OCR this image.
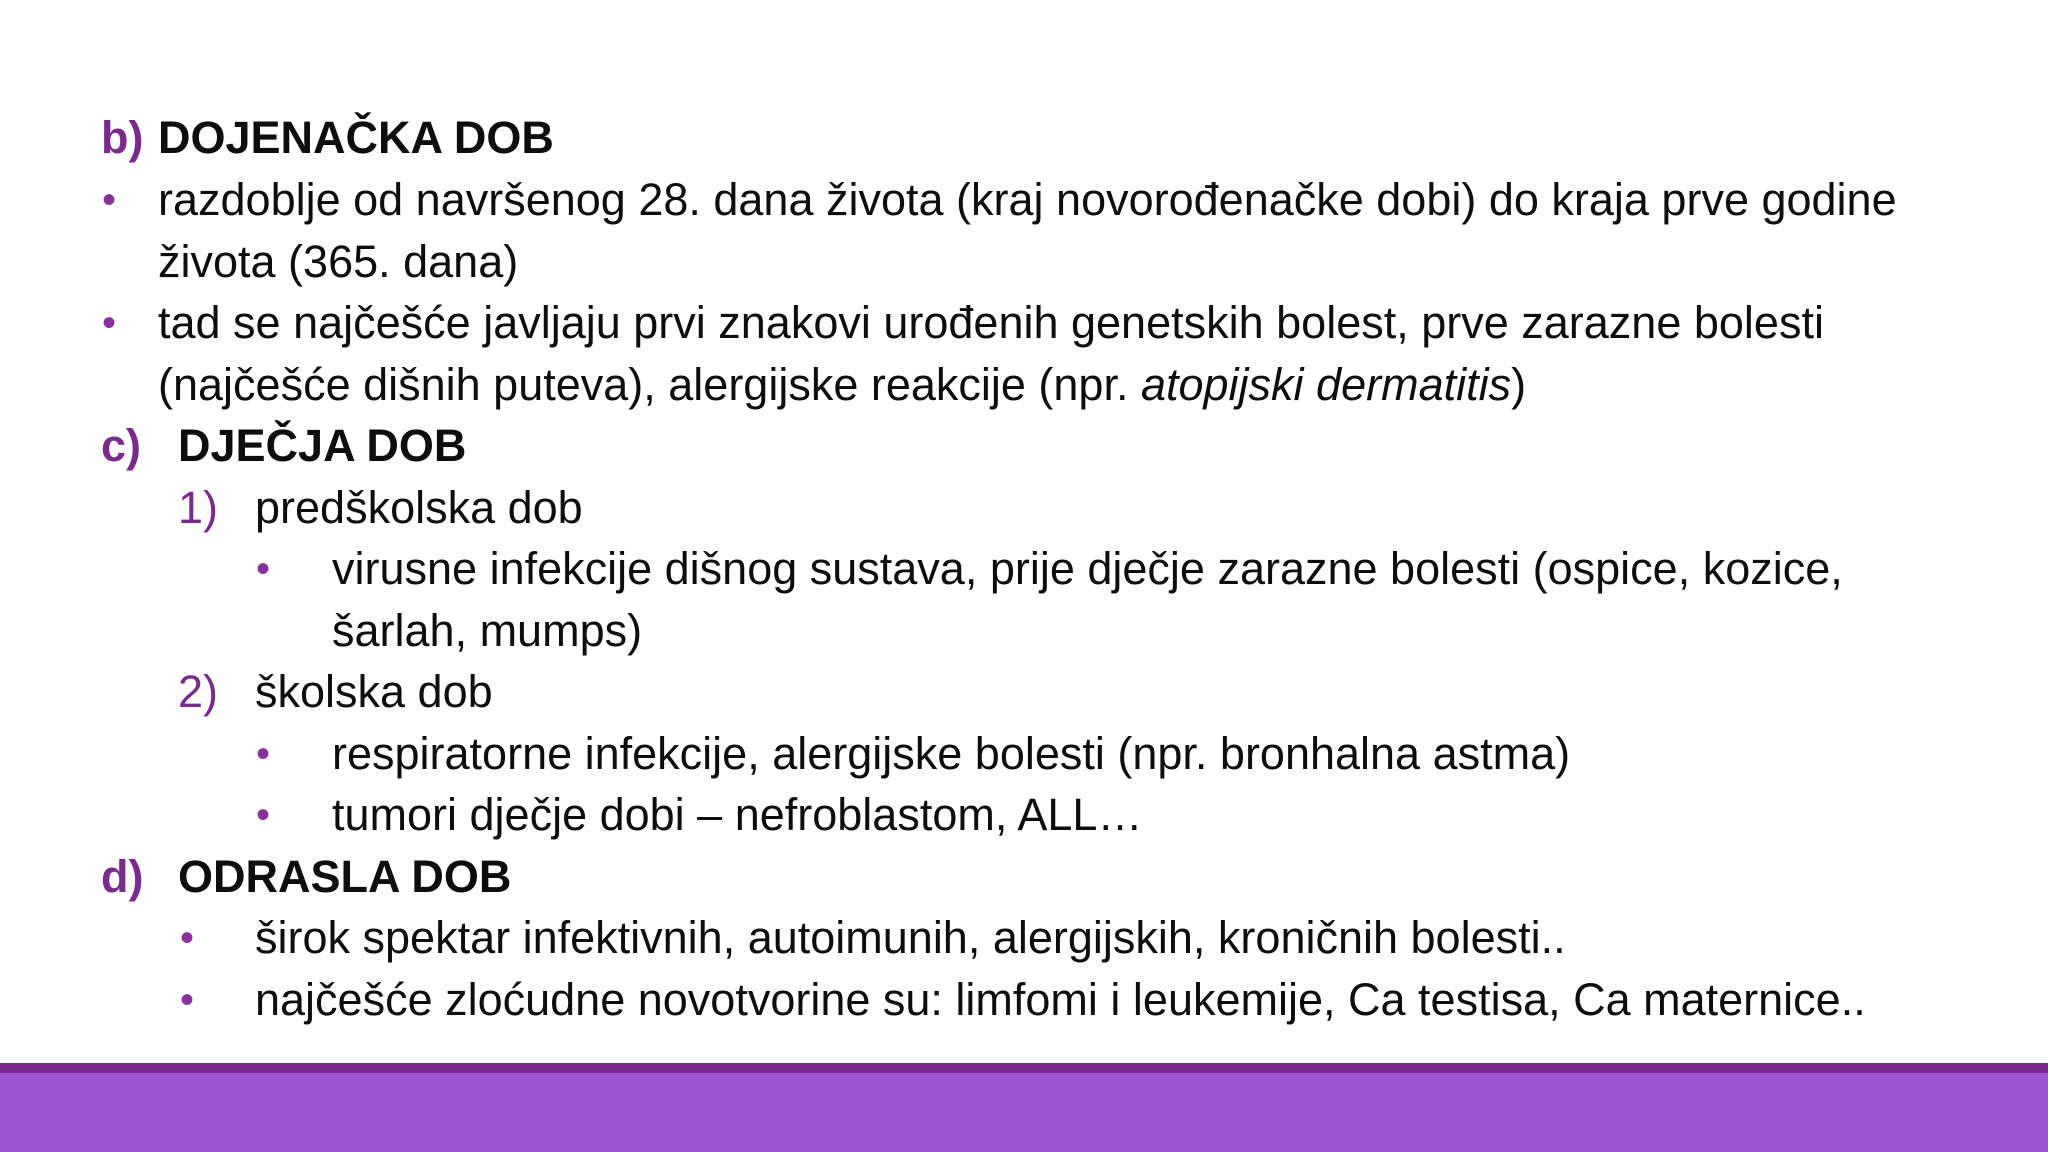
b) DOJENAČKA DOB
• razdoblje od navršenog 28. dana života (kraj novorođenačke dobi) do kraja prve godine
života (365. dana)
• tad se najčešće javljaju prvi znakovi urođenih genetskih bolest, prve zarazne bolesti
(najčešće dišnih puteva), alergijske reakcije (npr. atopijski dermatitis)
c) DJEČJA DOB
1) predškolska dob
• virusne infekcije dišnog sustava, prije dječje zarazne bolesti (ospice, kozice,
šarlah, mumps)
2) školska dob
• respiratorne infekcije, alergijske bolesti (npr. bronhalna astma)
• tumori dječje dobi – nefroblastom, ALL…
d) ODRASLA DOB
• širok spektar infektivnih, autoimunih, alergijskih, kroničnih bolesti..
• najčešće zloćudne novotvorine su: limfomi i leukemije, Ca testisa, Ca maternice..
